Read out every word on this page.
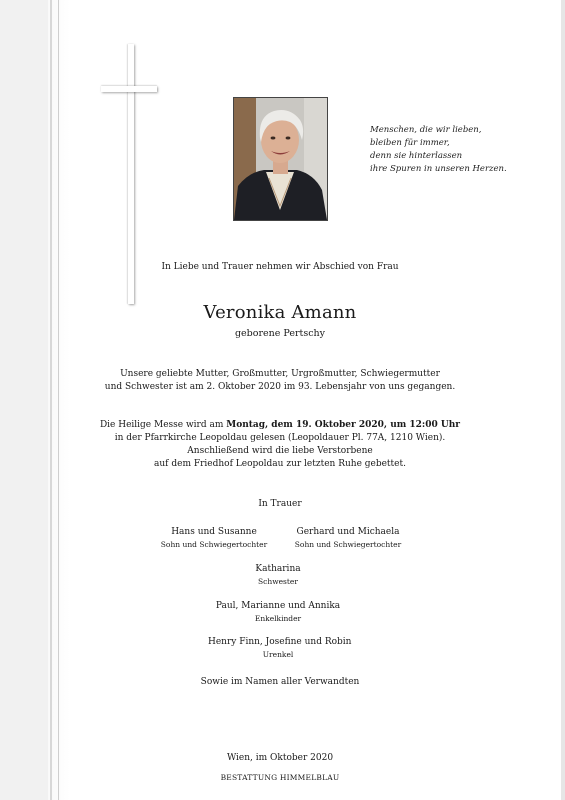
Menschen, die wir lieben,
bleiben für immer,
denn sie hinterlassen
ihre Spuren in unseren Herzen.
In Liebe und Trauer nehmen wir Abschied von Frau
Veronika Amann
geborene Pertschy
Unsere geliebte Mutter, Großmutter, Urgroßmutter, Schwiegermutter
und Schwester ist am 2. Oktober 2020 im 93. Lebensjahr von uns gegangen.
Die Heilige Messe wird am Montag, dem 19. Oktober 2020, um 12:00 Uhr
in der Pfarrkirche Leopoldau gelesen (Leopoldauer Pl. 77A, 1210 Wien).
Anschließend wird die liebe Verstorbene
auf dem Friedhof Leopoldau zur letzten Ruhe gebettet.
In Trauer
Hans und Susanne
Sohn und Schwiegertochter
Gerhard und Michaela
Sohn und Schwiegertochter
Katharina
Schwester
Paul, Marianne und Annika
Enkelkinder
Henry Finn, Josefine und Robin
Urenkel
Sowie im Namen aller Verwandten
Wien, im Oktober 2020
BESTATTUNG HIMMELBLAU
